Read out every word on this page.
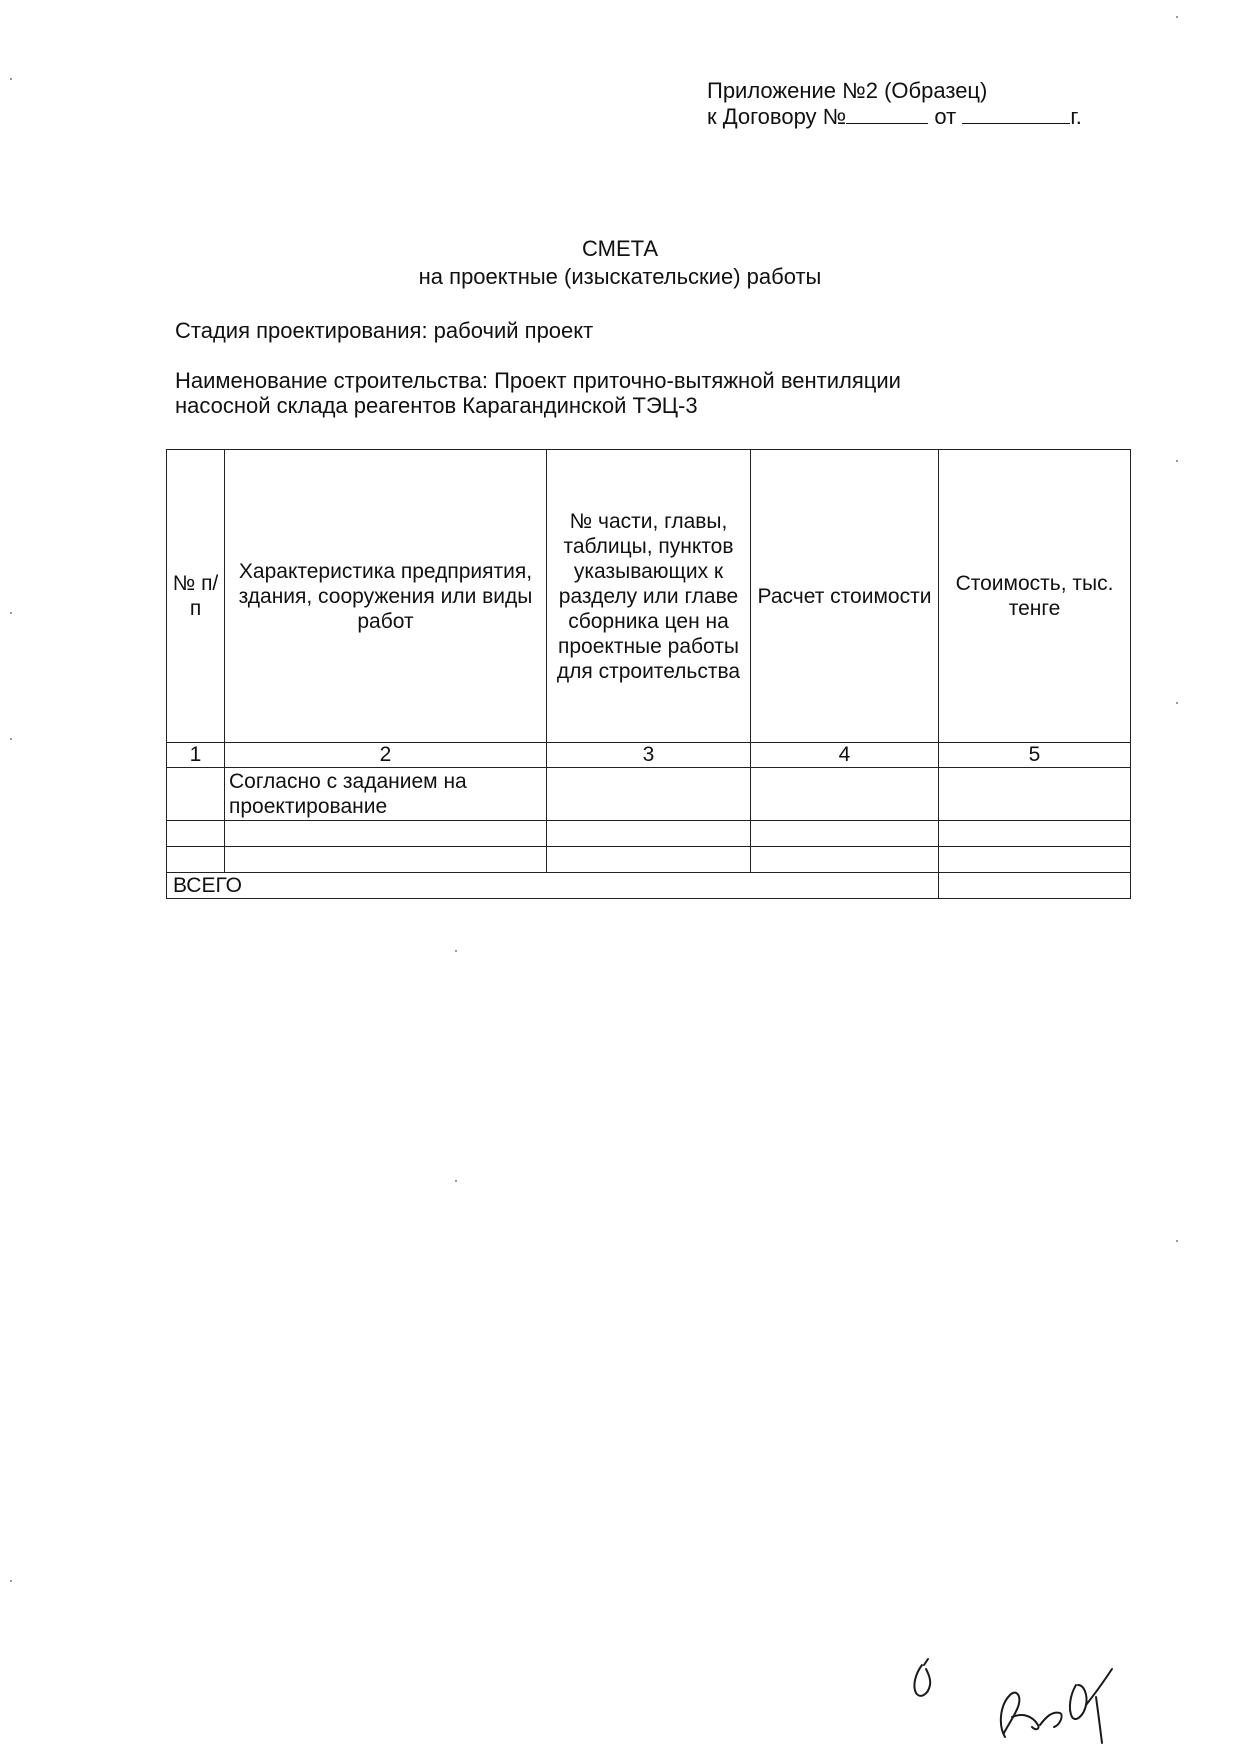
Приложение №2 (Образец)
к Договору №	от	г.
СМЕТА
на проектные (изыскательские) работы
Стадия проектирования: рабочий проект
Наименование строительства: Проект приточно-вытяжной вентиляции
насосной склада реагентов Карагандинской ТЭЦ-3
№ п/п	Характеристика предприятия, здания, сооружения или виды работ	№ части, главы, таблицы, пунктов указывающих к разделу или главе сборника цен на проектные работы для строительства	Расчет стоимости	Стоимость, тыс. тенге
1	2	3	4	5
	Согласно с заданием на проектирование			

ВСЕГО				
